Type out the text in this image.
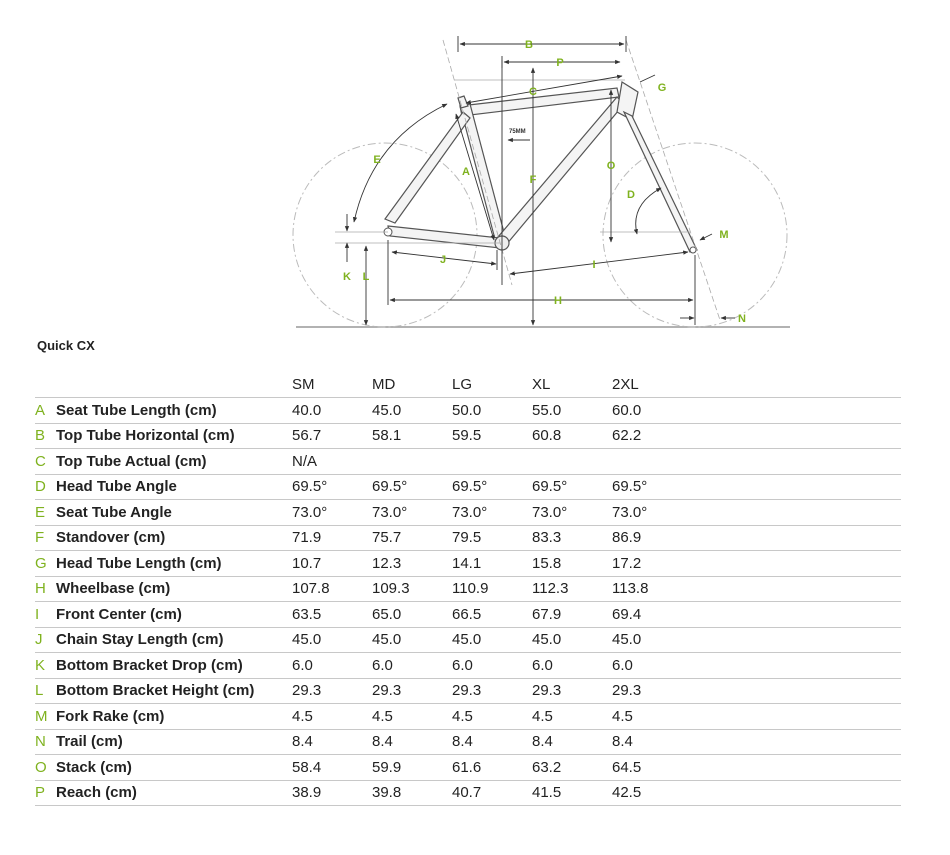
B
P
C	G
75MM
E	O
A
F
D
M
J	I
K L
H
N
Quick CX
		SM	MD	LG	XL	2XL	
A	Seat Tube Length (cm)	40.0	45.0	50.0	55.0	60.0	
B	Top Tube Horizontal (cm)	56.7	58.1	59.5	60.8	62.2	
C	Top Tube Actual (cm)	N/A					
D	Head Tube Angle	69.5°	69.5°	69.5°	69.5°	69.5°	
E	Seat Tube Angle	73.0°	73.0°	73.0°	73.0°	73.0°	
F	Standover (cm)	71.9	75.7	79.5	83.3	86.9	
G	Head Tube Length (cm)	10.7	12.3	14.1	15.8	17.2	
H	Wheelbase (cm)	107.8	109.3	110.9	112.3	113.8	
I	Front Center (cm)	63.5	65.0	66.5	67.9	69.4	
J	Chain Stay Length (cm)	45.0	45.0	45.0	45.0	45.0	
K	Bottom Bracket Drop (cm)	6.0	6.0	6.0	6.0	6.0	
L	Bottom Bracket Height (cm)	29.3	29.3	29.3	29.3	29.3	
M	Fork Rake (cm)	4.5	4.5	4.5	4.5	4.5	
N	Trail (cm)	8.4	8.4	8.4	8.4	8.4	
O	Stack (cm)	58.4	59.9	61.6	63.2	64.5	
P	Reach (cm)	38.9	39.8	40.7	41.5	42.5	
